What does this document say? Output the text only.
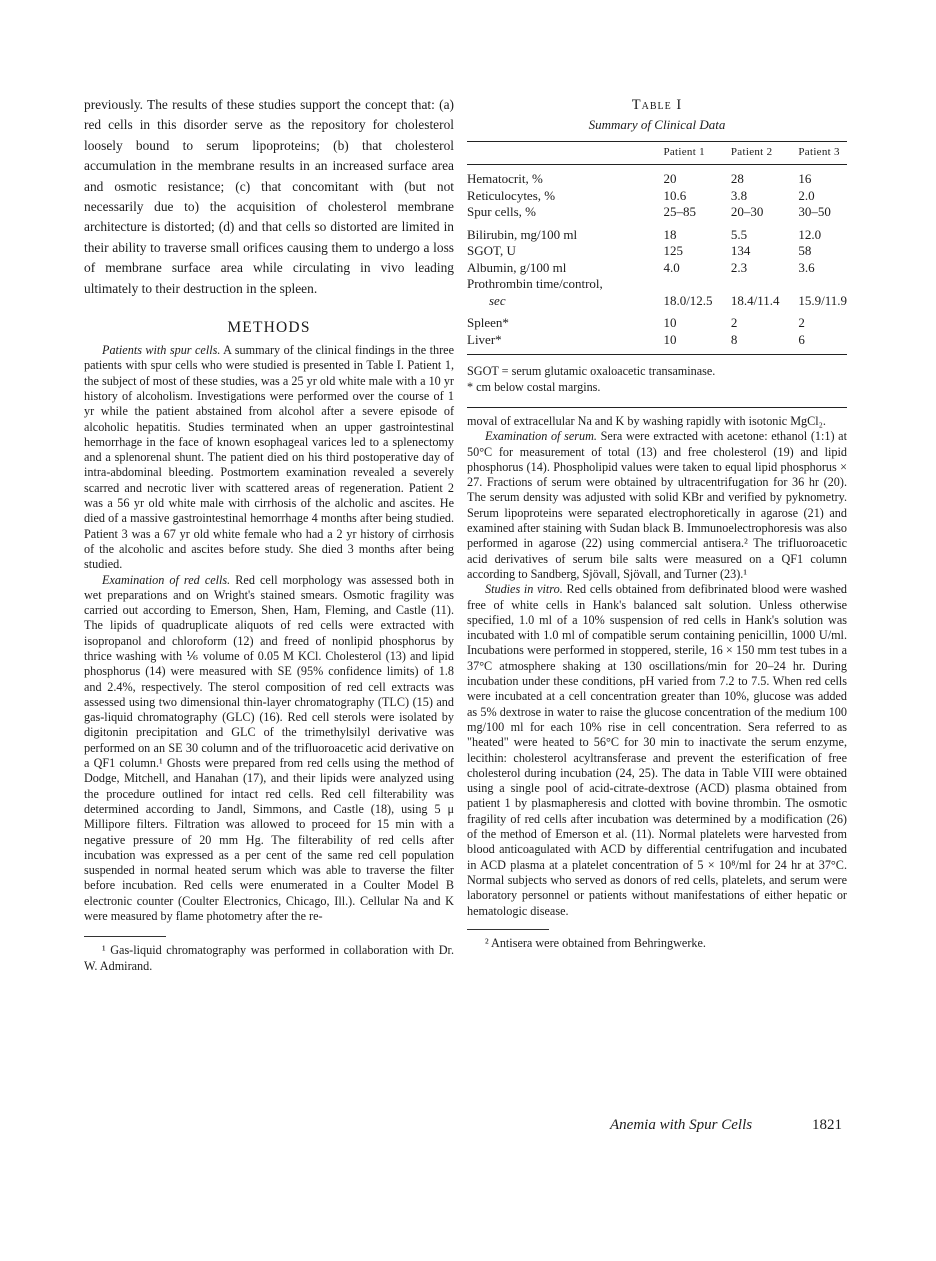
previously. The results of these studies support the concept that: (a) red cells in this disorder serve as the repository for cholesterol loosely bound to serum lipoproteins; (b) that cholesterol accumulation in the membrane results in an increased surface area and osmotic resistance; (c) that concomitant with (but not necessarily due to) the acquisition of cholesterol membrane architecture is distorted; (d) and that cells so distorted are limited in their ability to traverse small orifices causing them to undergo a loss of membrane surface area while circulating in vivo leading ultimately to their destruction in the spleen.

METHODS

Patients with spur cells. A summary of the clinical findings in the three patients with spur cells who were studied is presented in Table I. Patient 1, the subject of most of these studies, was a 25 yr old white male with a 10 yr history of alcoholism. Investigations were performed over the course of 1 yr while the patient abstained from alcohol after a severe episode of alcoholic hepatitis. Studies terminated when an upper gastrointestinal hemorrhage in the face of known esophageal varices led to a splenectomy and a splenorenal shunt. The patient died on his third postoperative day of intra-abdominal bleeding. Postmortem examination revealed a severely scarred and necrotic liver with scattered areas of regeneration. Patient 2 was a 56 yr old white male with cirrhosis of the alcholic and ascites. He died of a massive gastrointestinal hemorrhage 4 months after being studied. Patient 3 was a 67 yr old white female who had a 2 yr history of cirrhosis of the alcoholic and ascites before study. She died 3 months after being studied.

Examination of red cells. Red cell morphology was assessed both in wet preparations and on Wright's stained smears. Osmotic fragility was carried out according to Emerson, Shen, Ham, Fleming, and Castle (11). The lipids of quadruplicate aliquots of red cells were extracted with isopropanol and chloroform (12) and freed of nonlipid phosphorus by thrice washing with ⅙ volume of 0.05 M KCl. Cholesterol (13) and lipid phosphorus (14) were measured with SE (95% confidence limits) of 1.8 and 2.4%, respectively. The sterol composition of red cell extracts was assessed using two dimensional thin-layer chromatography (TLC) (15) and gas-liquid chromatography (GLC) (16). Red cell sterols were isolated by digitonin precipitation and GLC of the trimethylsilyl derivative was performed on an SE 30 column and of the trifluoroacetic acid derivative on a QF1 column.¹ Ghosts were prepared from red cells using the method of Dodge, Mitchell, and Hanahan (17), and their lipids were analyzed using the procedure outlined for intact red cells. Red cell filterability was determined according to Jandl, Simmons, and Castle (18), using 5 μ Millipore filters. Filtration was allowed to proceed for 15 min with a negative pressure of 20 mm Hg. The filterability of red cells after incubation was expressed as a per cent of the same red cell population suspended in normal heated serum which was able to traverse the filter before incubation. Red cells were enumerated in a Coulter Model B electronic counter (Coulter Electronics, Chicago, Ill.). Cellular Na and K were measured by flame photometry after the re-

¹ Gas-liquid chromatography was performed in collaboration with Dr. W. Admirand.

Table I
Summary of Clinical Data
	Patient 1	Patient 2	Patient 3
Hematocrit, %	20	28	16
Reticulocytes, %	10.6	3.8	2.0
Spur cells, %	25–85	20–30	30–50
Bilirubin, mg/100 ml	18	5.5	12.0
SGOT, U	125	134	58
Albumin, g/100 ml	4.0	2.3	3.6
Prothrombin time/control,			
sec	18.0/12.5	18.4/11.4	15.9/11.9
Spleen*	10	2	2
Liver*	10	8	6
SGOT = serum glutamic oxaloacetic transaminase.
* cm below costal margins.

moval of extracellular Na and K by washing rapidly with isotonic MgCl₂.

Examination of serum. Sera were extracted with acetone: ethanol (1:1) at 50°C for measurement of total (13) and free cholesterol (19) and lipid phosphorus (14). Phospholipid values were taken to equal lipid phosphorus × 27. Fractions of serum were obtained by ultracentrifugation for 36 hr (20). The serum density was adjusted with solid KBr and verified by pyknometry. Serum lipoproteins were separated electrophoretically in agarose (21) and examined after staining with Sudan black B. Immunoelectrophoresis was also performed in agarose (22) using commercial antisera.² The trifluoroacetic acid derivatives of serum bile salts were measured on a QF1 column according to Sandberg, Sjövall, Sjövall, and Turner (23).¹

Studies in vitro. Red cells obtained from defibrinated blood were washed free of white cells in Hank's balanced salt solution. Unless otherwise specified, 1.0 ml of a 10% suspension of red cells in Hank's solution was incubated with 1.0 ml of compatible serum containing penicillin, 1000 U/ml. Incubations were performed in stoppered, sterile, 16 × 150 mm test tubes in a 37°C atmosphere shaking at 130 oscillations/min for 20–24 hr. During incubation under these conditions, pH varied from 7.2 to 7.5. When red cells were incubated at a cell concentration greater than 10%, glucose was added as 5% dextrose in water to raise the glucose concentration of the medium 100 mg/100 ml for each 10% rise in cell concentration. Sera referred to as "heated" were heated to 56°C for 30 min to inactivate the serum enzyme, lecithin: cholesterol acyltransferase and prevent the esterification of free cholesterol during incubation (24, 25). The data in Table VIII were obtained using a single pool of acid-citrate-dextrose (ACD) plasma obtained from patient 1 by plasmapheresis and clotted with bovine thrombin. The osmotic fragility of red cells after incubation was determined by a modification (26) of the method of Emerson et al. (11). Normal platelets were harvested from blood anticoagulated with ACD by differential centrifugation and incubated in ACD plasma at a platelet concentration of 5 × 10⁸/ml for 24 hr at 37°C. Normal subjects who served as donors of red cells, platelets, and serum were laboratory personnel or patients without manifestations of either hepatic or hematologic disease.

² Antisera were obtained from Behringwerke.

Anemia with Spur Cells	1821
